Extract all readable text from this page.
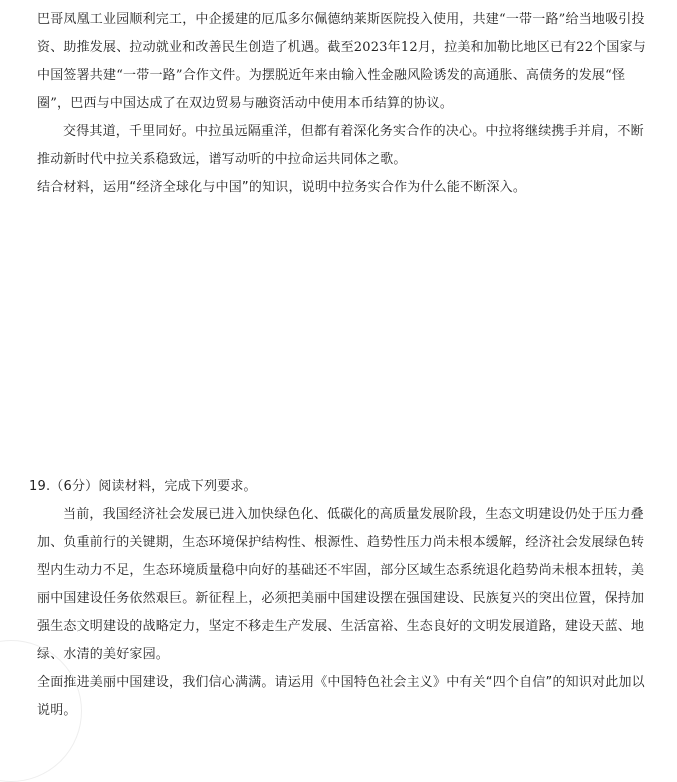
巴哥凤凰工业园顺利完工，中企援建的厄瓜多尔佩德纳莱斯医院投入使用，共建“一带一路”给当地吸引投资、助推发展、拉动就业和改善民生创造了机遇。截至2023年12月，拉美和加勒比地区已有22个国家与中国签署共建“一带一路”合作文件。为摆脱近年来由输入性金融风险诱发的高通胀、高债务的发展“怪圈”，巴西与中国达成了在双边贸易与融资活动中使用本币结算的协议。

交得其道，千里同好。中拉虽远隔重洋，但都有着深化务实合作的决心。中拉将继续携手并肩，不断推动新时代中拉关系稳致远，谱写动听的中拉命运共同体之歌。

结合材料，运用“经济全球化与中国”的知识，说明中拉务实合作为什么能不断深入。

19.（6分）阅读材料，完成下列要求。

当前，我国经济社会发展已进入加快绿色化、低碳化的高质量发展阶段，生态文明建设仍处于压力叠加、负重前行的关键期，生态环境保护结构性、根源性、趋势性压力尚未根本缓解，经济社会发展绿色转型内生动力不足，生态环境质量稳中向好的基础还不牢固，部分区域生态系统退化趋势尚未根本扭转，美丽中国建设任务依然艰巨。新征程上，必须把美丽中国建设摆在强国建设、民族复兴的突出位置，保持加强生态文明建设的战略定力，坚定不移走生产发展、生活富裕、生态良好的文明发展道路，建设天蓝、地绿、水清的美好家园。

全面推进美丽中国建设，我们信心满满。请运用《中国特色社会主义》中有关“四个自信”的知识对此加以说明。
